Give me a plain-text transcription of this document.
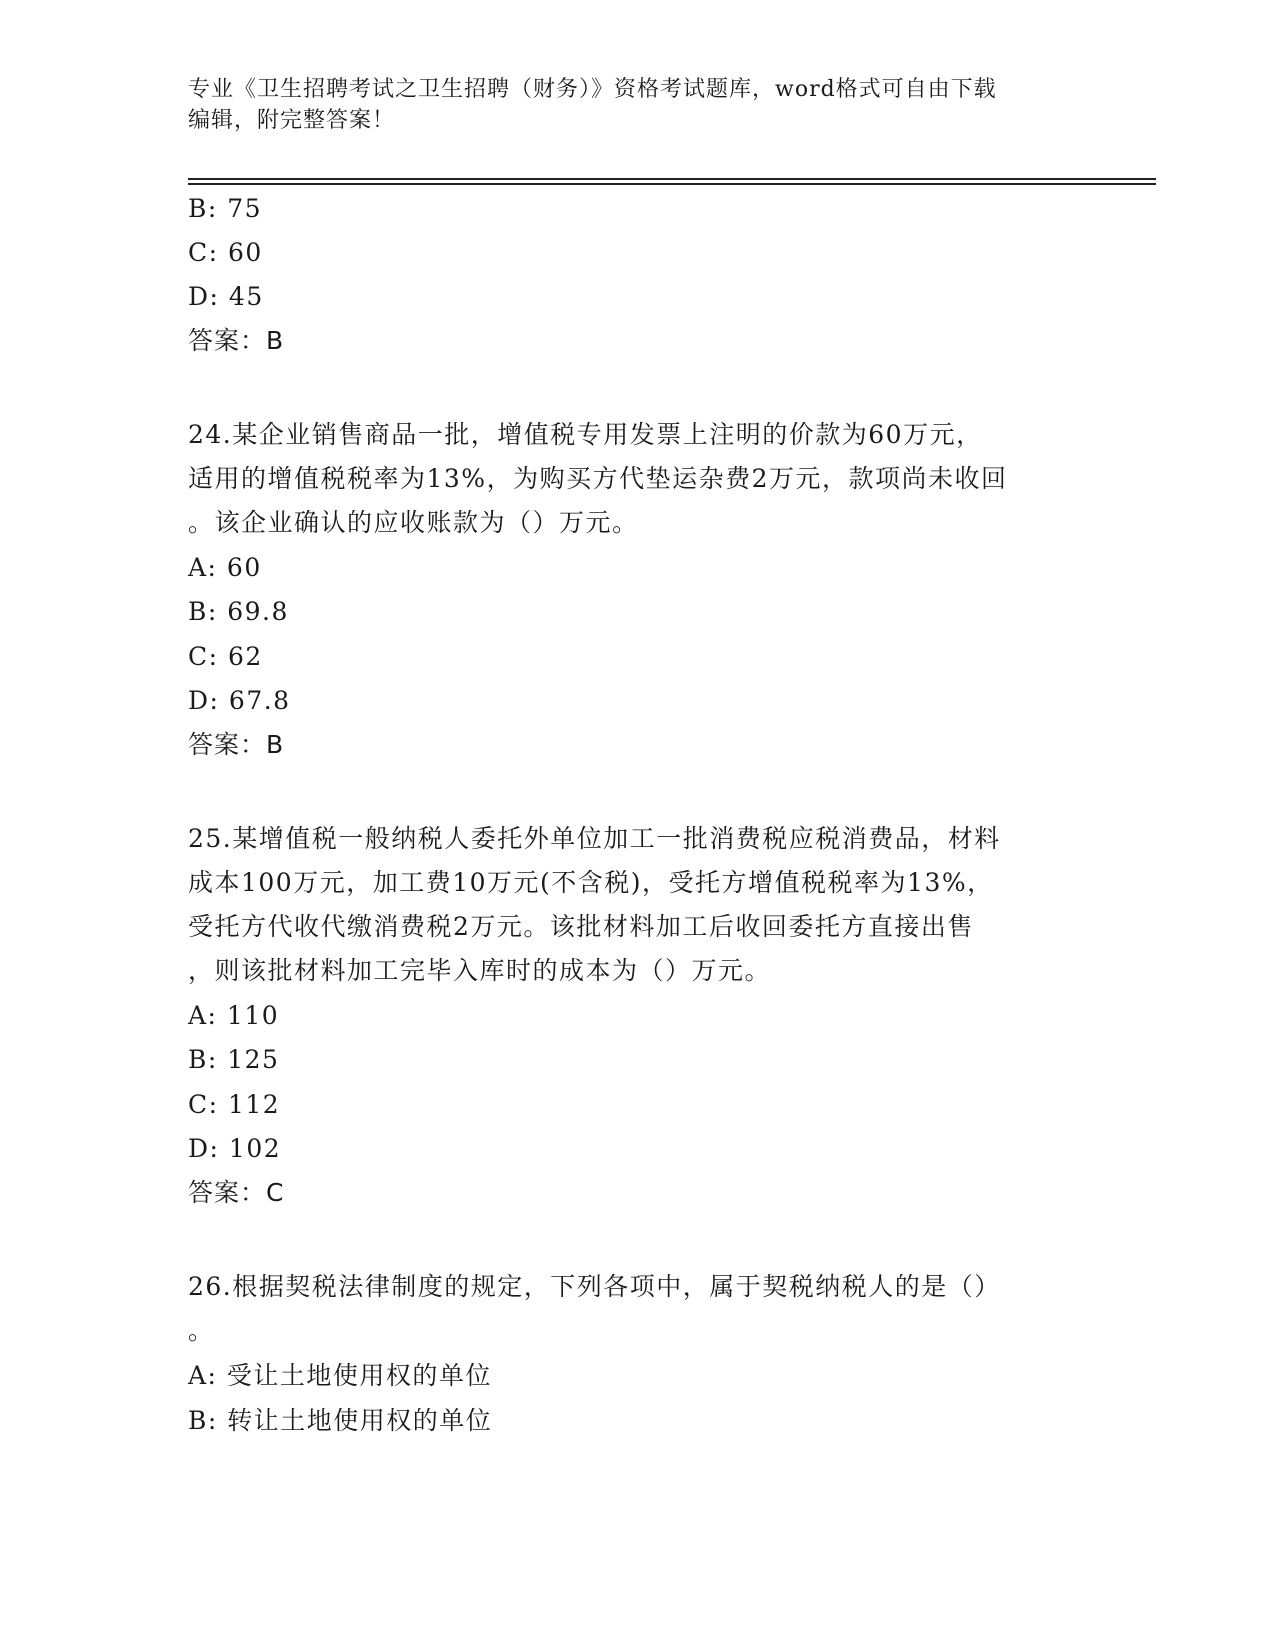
专业《卫生招聘考试之卫生招聘（财务）》资格考试题库，word格式可自由下载
编辑，附完整答案！
B: 75
C: 60
D: 45
答案：B
24.某企业销售商品一批，增值税专用发票上注明的价款为60万元，
适用的增值税税率为13%，为购买方代垫运杂费2万元，款项尚未收回
。该企业确认的应收账款为（）万元。
A: 60
B: 69.8
C: 62
D: 67.8
答案：B
25.某增值税一般纳税人委托外单位加工一批消费税应税消费品，材料
成本100万元，加工费10万元(不含税)，受托方增值税税率为13%，
受托方代收代缴消费税2万元。该批材料加工后收回委托方直接出售
，则该批材料加工完毕入库时的成本为（）万元。
A: 110
B: 125
C: 112
D: 102
答案：C
26.根据契税法律制度的规定，下列各项中，属于契税纳税人的是（）
。
A: 受让土地使用权的单位
B: 转让土地使用权的单位
